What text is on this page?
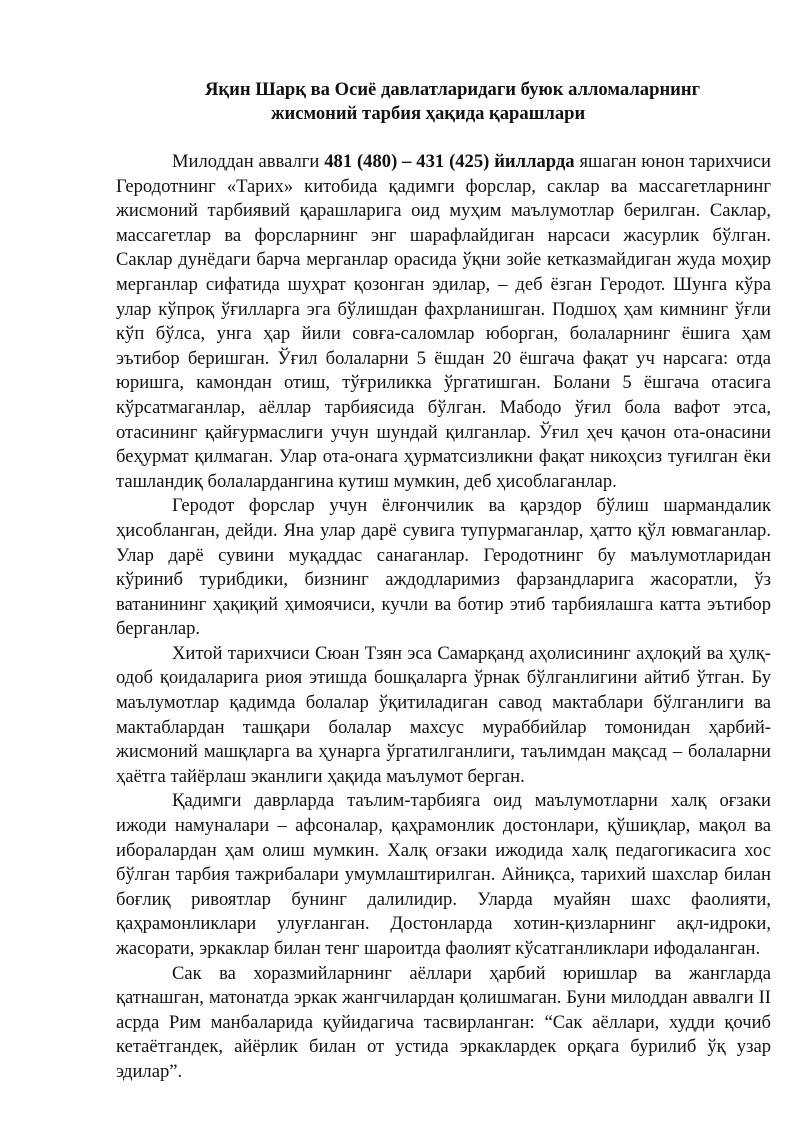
Яқин Шарқ ва Осиё давлатларидаги буюк алломаларнинг
жисмоний тарбия ҳақида қарашлари

Милоддан аввалги 481 (480) – 431 (425) йилларда яшаган юнон тарихчиси Геродотнинг «Тарих» китобида қадимги форслар, саклар ва массагетларнинг жисмоний тарбиявий қарашларига оид муҳим маълумотлар берилган. Саклар, массагетлар ва форсларнинг энг шарафлайдиган нарсаси жасурлик бўлган. Саклар дунёдаги барча мерганлар орасида ўқни зойе кетказмайдиган жуда моҳир мерганлар сифатида шуҳрат қозонган эдилар, – деб ёзган Геродот. Шунга кўра улар кўпроқ ўғилларга эга бўлишдан фахрланишган. Подшоҳ ҳам кимнинг ўғли кўп бўлса, унга ҳар йили совға-саломлар юборган, болаларнинг ёшига ҳам эътибор беришган. Ўғил болаларни 5 ёшдан 20 ёшгача фақат уч нарсага: отда юришга, камондан отиш, тўғриликка ўргатишган. Болани 5 ёшгача отасига кўрсатмаганлар, аёллар тарбиясида бўлган. Мабодо ўғил бола вафот этса, отасининг қайғурмаслиги учун шундай қилганлар. Ўғил ҳеч қачон ота-онасини беҳурмат қилмаган. Улар ота-онага ҳурматсизликни фақат никоҳсиз туғилган ёки ташландиқ болалардангина кутиш мумкин, деб ҳисоблаганлар.

Геродот форслар учун ёлғончилик ва қарздор бўлиш шармандалик ҳисобланган, дейди. Яна улар дарё сувига тупурмаганлар, ҳатто қўл ювмаганлар. Улар дарё сувини муқаддас санаганлар. Геродотнинг бу маълумотларидан кўриниб турибдики, бизнинг аждодларимиз фарзандларига жасоратли, ўз ватанининг ҳақиқий ҳимоячиси, кучли ва ботир этиб тарбиялашга катта эътибор берганлар.

Хитой тарихчиси Сюан Тзян эса Самарқанд аҳолисининг аҳлоқий ва ҳулқ-одоб қоидаларига риоя этишда бошқаларга ўрнак бўлганлигини айтиб ўтган. Бу маълумотлар қадимда болалар ўқитиладиган савод мактаблари бўлганлиги ва мактаблардан ташқари болалар махсус мураббийлар томонидан ҳарбий-жисмоний машқларга ва ҳунарга ўргатилганлиги, таълимдан мақсад – болаларни ҳаётга тайёрлаш эканлиги ҳақида маълумот берган.

Қадимги даврларда таълим-тарбияга оид маълумотларни халқ оғзаки ижоди намуналари – афсоналар, қаҳрамонлик достонлари, қўшиқлар, мақол ва иборалардан ҳам олиш мумкин. Халқ оғзаки ижодида халқ педагогикасига хос бўлган тарбия тажрибалари умумлаштирилган. Айниқса, тарихий шахслар билан боғлиқ ривоятлар бунинг далилидир. Уларда муайян шахс фаолияти, қаҳрамонликлари улуғланган. Достонларда хотин-қизларнинг ақл-идроки, жасорати, эркаклар билан тенг шароитда фаолият кўсатганликлари ифодаланган.

Сак ва хоразмийларнинг аёллари ҳарбий юришлар ва жангларда қатнашган, матонатда эркак жангчилардан қолишмаган. Буни милоддан аввалги II асрда Рим манбаларида қуйидагича тасвирланган: “Сак аёллари, худди қочиб кетаётгандек, айёрлик билан от устида эркаклардек орқага бурилиб ўқ узар эдилар”.
